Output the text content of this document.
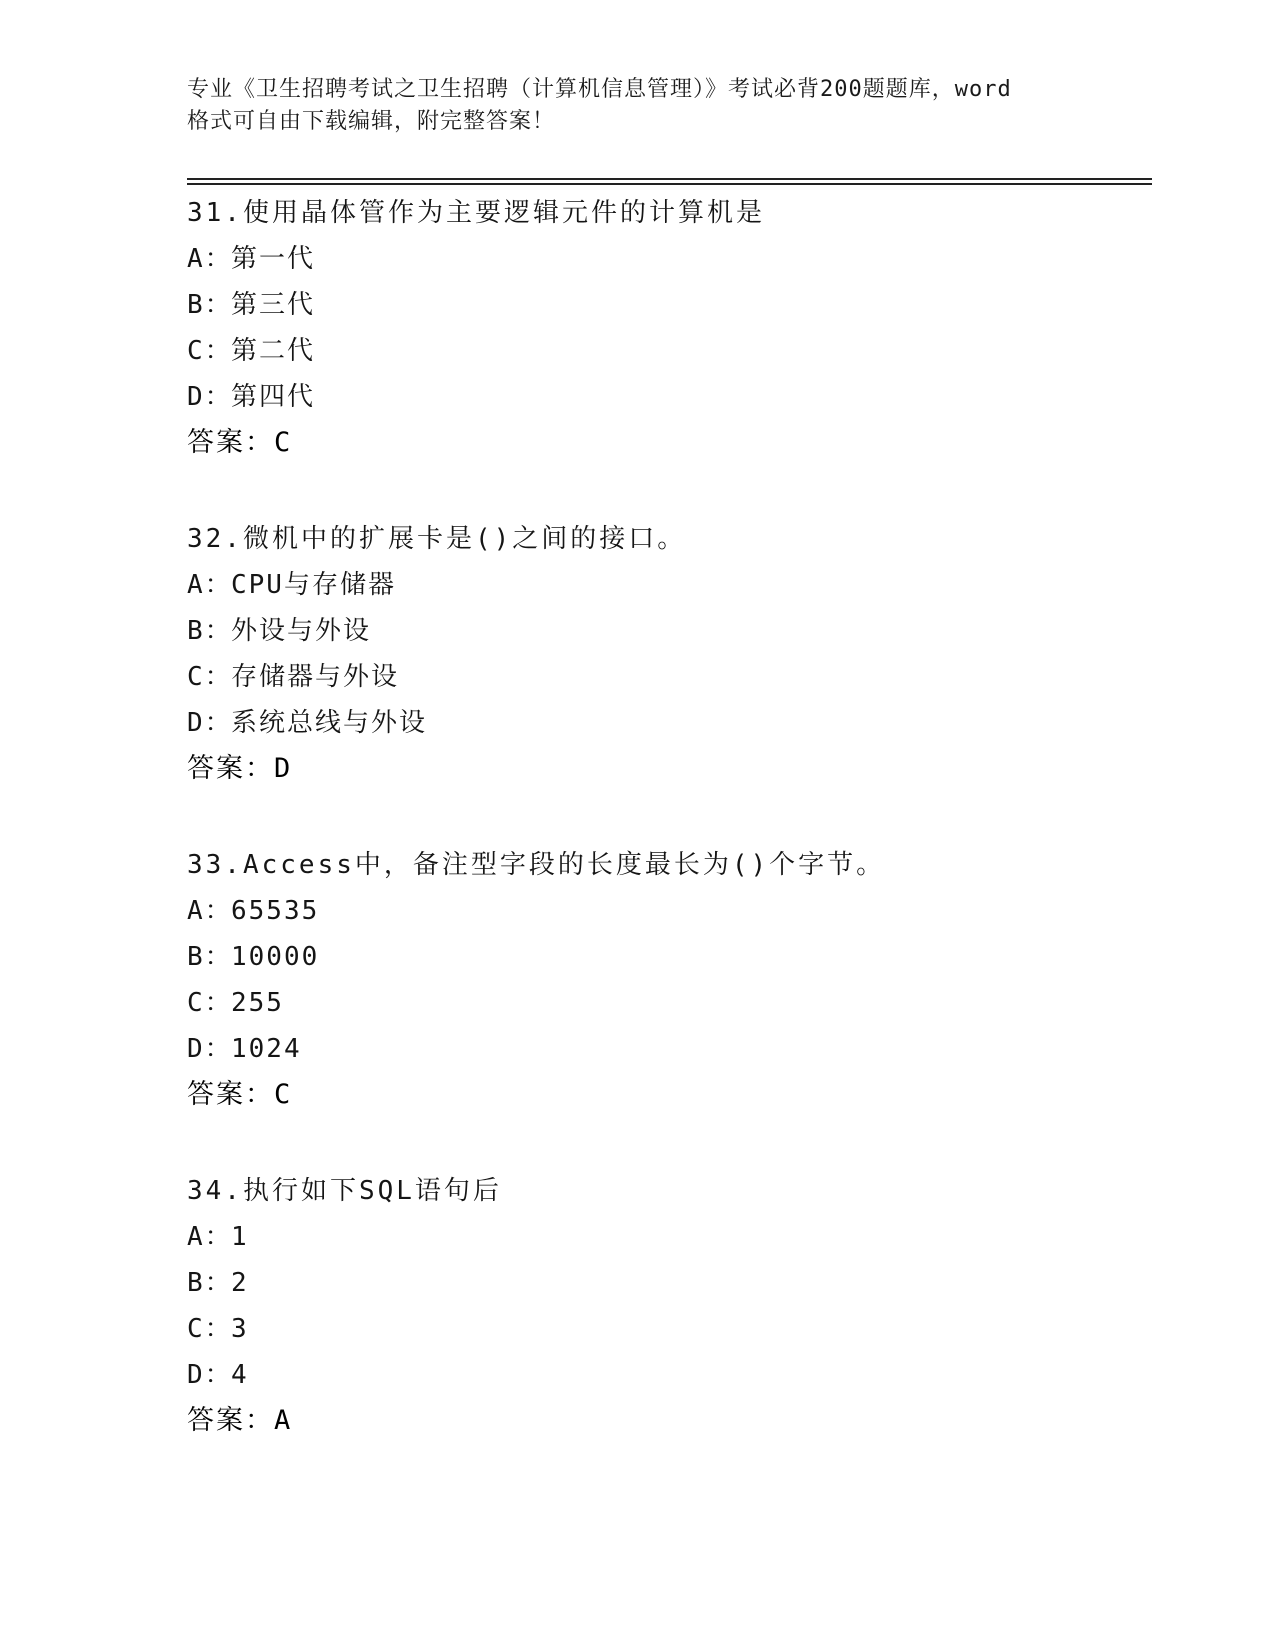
专业《卫生招聘考试之卫生招聘（计算机信息管理）》考试必背200题题库，word
格式可自由下载编辑，附完整答案！
31.使用晶体管作为主要逻辑元件的计算机是
A：第一代
B：第三代
C：第二代
D：第四代
答案：C
32.微机中的扩展卡是()之间的接口。
A：CPU与存储器
B：外设与外设
C：存储器与外设
D：系统总线与外设
答案：D
33.Access中，备注型字段的长度最长为()个字节。
A：65535
B：10000
C：255
D：1024
答案：C
34.执行如下SQL语句后
A：1
B：2
C：3
D：4
答案：A
